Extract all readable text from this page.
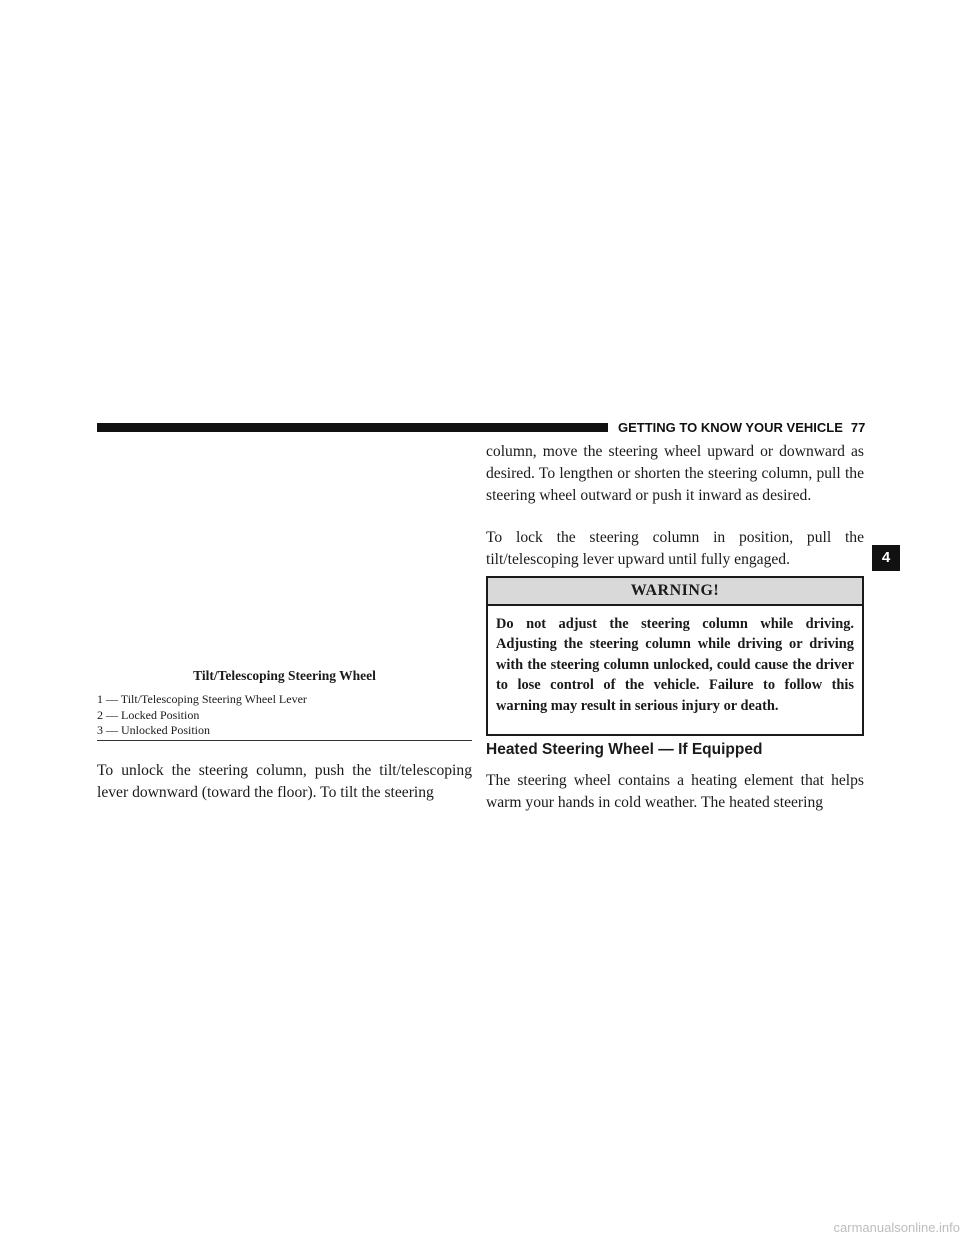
GETTING TO KNOW YOUR VEHICLE 77
4
Tilt/Telescoping Steering Wheel
1 — Tilt/Telescoping Steering Wheel Lever
2 — Locked Position
3 — Unlocked Position
To unlock the steering column, push the tilt/telescoping lever downward (toward the floor). To tilt the steering
column, move the steering wheel upward or downward as desired. To lengthen or shorten the steering column, pull the steering wheel outward or push it inward as desired.
To lock the steering column in position, pull the tilt/telescoping lever upward until fully engaged.
WARNING!
Do not adjust the steering column while driving. Adjusting the steering column while driving or driving with the steering column unlocked, could cause the driver to lose control of the vehicle. Failure to follow this warning may result in serious injury or death.
Heated Steering Wheel — If Equipped
The steering wheel contains a heating element that helps warm your hands in cold weather. The heated steering
carmanualsonline.info
